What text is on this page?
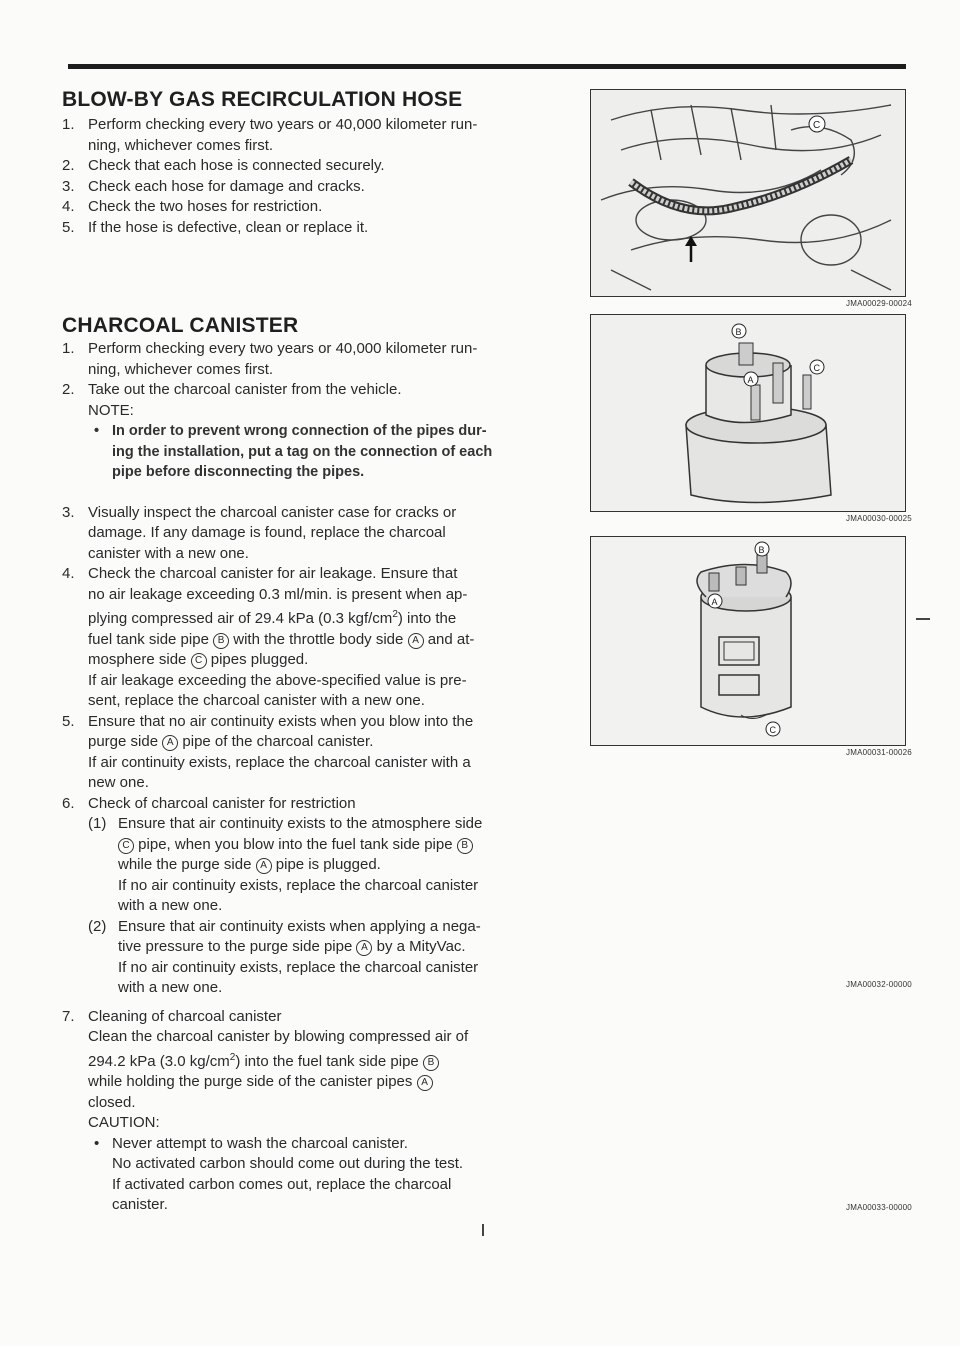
BLOW-BY GAS RECIRCULATION HOSE
1. Perform checking every two years or 40,000 kilometer run-
ning, whichever comes first.
2. Check that each hose is connected securely.
3. Check each hose for damage and cracks.
4. Check the two hoses for restriction.
5. If the hose is defective, clean or replace it.
CHARCOAL CANISTER
1. Perform checking every two years or 40,000 kilometer run-
ning, whichever comes first.
2. Take out the charcoal canister from the vehicle.
NOTE:
• In order to prevent wrong connection of the pipes dur-
ing the installation, put a tag on the connection of each
pipe before disconnecting the pipes.
3. Visually inspect the charcoal canister case for cracks or
damage. If any damage is found, replace the charcoal
canister with a new one.
4. Check the charcoal canister for air leakage. Ensure that
no air leakage exceeding 0.3 ml/min. is present when ap-
plying compressed air of 29.4 kPa (0.3 kgf/$cm^2$) into the
fuel tank side pipe B with the throttle body side A and at-
mosphere side C pipes plugged.
If air leakage exceeding the above-specified value is pre-
sent, replace the charcoal canister with a new one.
5. Ensure that no air continuity exists when you blow into the
purge side A pipe of the charcoal canister.
If air continuity exists, replace the charcoal canister with a
new one.
6. Check of charcoal canister for restriction
(1) Ensure that air continuity exists to the atmosphere side
C pipe, when you blow into the fuel tank side pipe B
while the purge side A pipe is plugged.
If no air continuity exists, replace the charcoal canister
with a new one.
(2) Ensure that air continuity exists when applying a nega-
tive pressure to the purge side pipe A by a MityVac.
If no air continuity exists, replace the charcoal canister
with a new one.
7. Cleaning of charcoal canister
Clean the charcoal canister by blowing compressed air of
294.2 kPa (3.0 $kg/cm^2$) into the fuel tank side pipe B
while holding the purge side of the canister pipes A
closed.
CAUTION:
• Never attempt to wash the charcoal canister.
No activated carbon should come out during the test.
If activated carbon comes out, replace the charcoal
canister.
C
JMA00029-00024
B
A
C
JMA00030-00025
B
A
C
JMA00031-00026
JMA00032-00000
JMA00033-00000
